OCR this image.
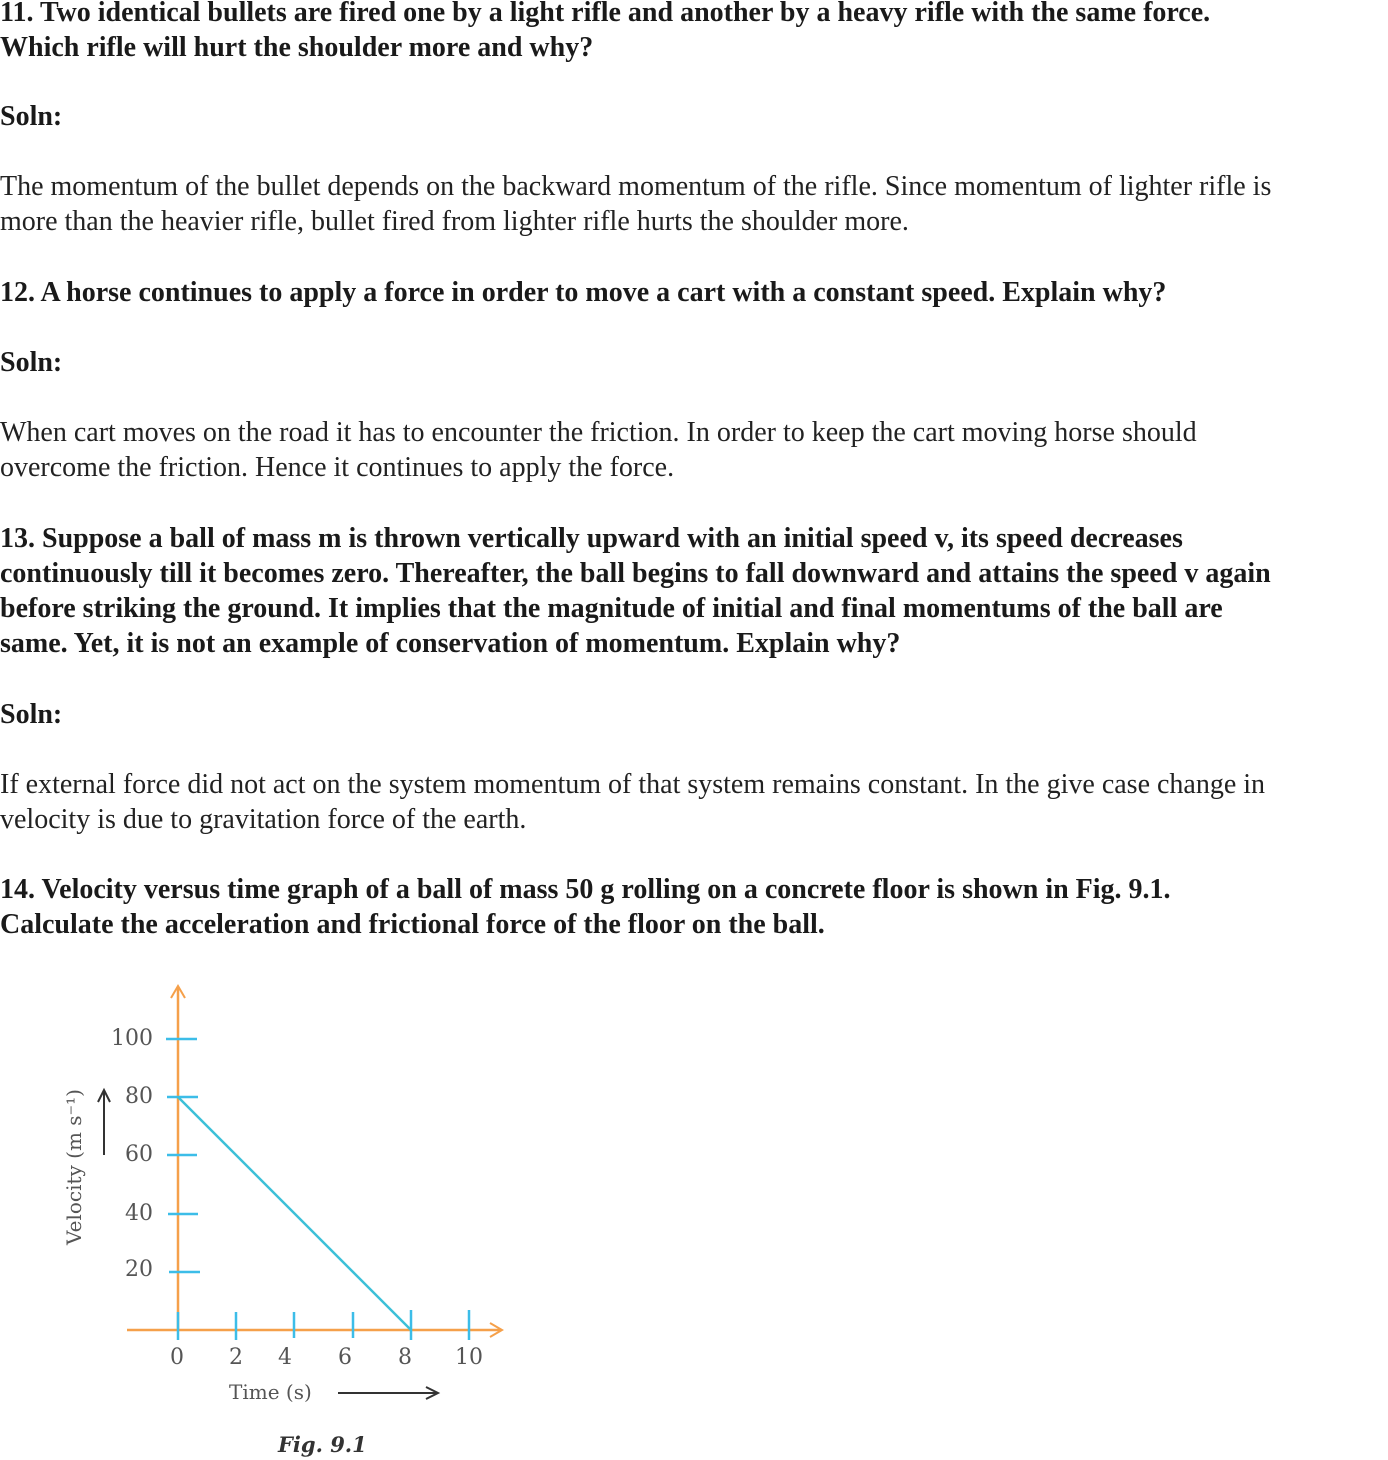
11. Two identical bullets are fired one by a light rifle and another by a heavy rifle with the same force.
Which rifle will hurt the shoulder more and why?
Soln:
The momentum of the bullet depends on the backward momentum of the rifle. Since momentum of lighter rifle is
more than the heavier rifle, bullet fired from lighter rifle hurts the shoulder more.
12. A horse continues to apply a force in order to move a cart with a constant speed. Explain why?
Soln:
When cart moves on the road it has to encounter the friction. In order to keep the cart moving horse should
overcome the friction. Hence it continues to apply the force.
13. Suppose a ball of mass m is thrown vertically upward with an initial speed v, its speed decreases
continuously till it becomes zero. Thereafter, the ball begins to fall downward and attains the speed v again
before striking the ground. It implies that the magnitude of initial and final momentums of the ball are
same. Yet, it is not an example of conservation of momentum. Explain why?
Soln:
If external force did not act on the system momentum of that system remains constant. In the give case change in
velocity is due to gravitation force of the earth.
14. Velocity versus time graph of a ball of mass 50 g rolling on a concrete floor is shown in Fig. 9.1.
Calculate the acceleration and frictional force of the floor on the ball.
100
80
60
40
20
0 2 4 6 8 10
Velocity (m s⁻¹)
Time (s)
Fig. 9.1
